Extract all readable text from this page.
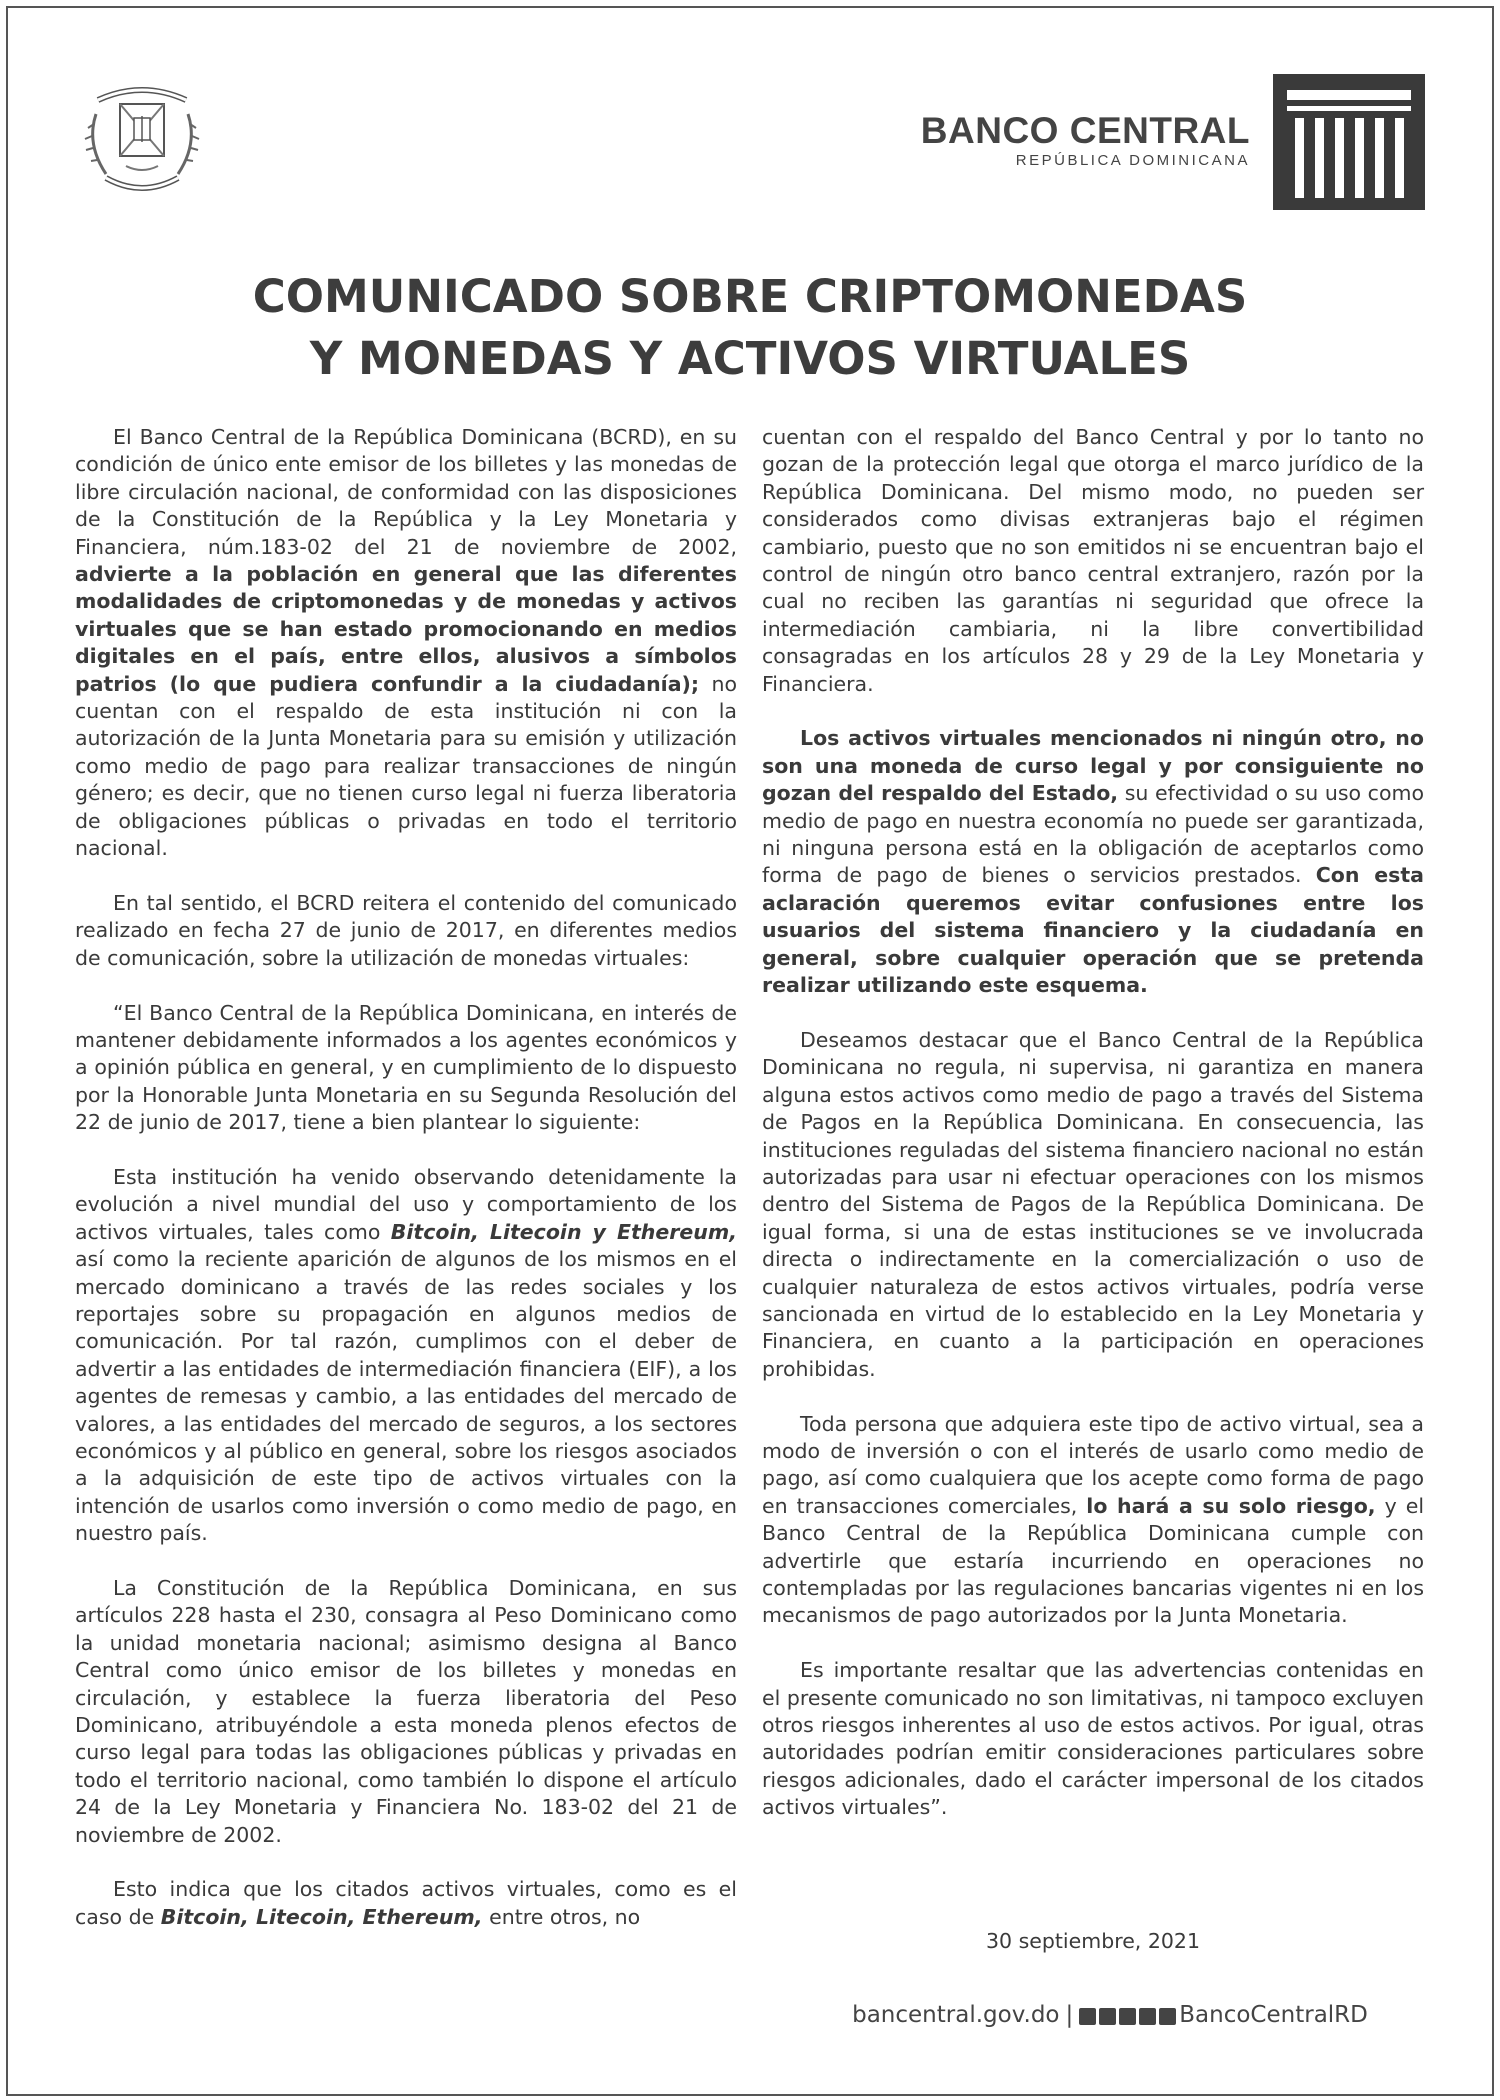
BANCO CENTRAL
REPÚBLICA DOMINICANA
COMUNICADO SOBRE CRIPTOMONEDAS
Y MONEDAS Y ACTIVOS VIRTUALES

El Banco Central de la República Dominicana (BCRD), en su condición de único ente emisor de los billetes y las monedas de libre circulación nacional, de conformidad con las disposiciones de la Constitución de la República y la Ley Monetaria y Financiera, núm.183-02 del 21 de noviembre de 2002, advierte a la población en general que las diferentes modalidades de criptomonedas y de monedas y activos virtuales que se han estado promocionando en medios digitales en el país, entre ellos, alusivos a símbolos patrios (lo que pudiera confundir a la ciudadanía); no cuentan con el respaldo de esta institución ni con la autorización de la Junta Monetaria para su emisión y utilización como medio de pago para realizar transacciones de ningún género; es decir, que no tienen curso legal ni fuerza liberatoria de obligaciones públicas o privadas en todo el territorio nacional.

En tal sentido, el BCRD reitera el contenido del comunicado realizado en fecha 27 de junio de 2017, en diferentes medios de comunicación, sobre la utilización de monedas virtuales:

“El Banco Central de la República Dominicana, en interés de mantener debidamente informados a los agentes económicos y a opinión pública en general, y en cumplimiento de lo dispuesto por la Honorable Junta Monetaria en su Segunda Resolución del 22 de junio de 2017, tiene a bien plantear lo siguiente:

Esta institución ha venido observando detenidamente la evolución a nivel mundial del uso y comportamiento de los activos virtuales, tales como Bitcoin, Litecoin y Ethereum, así como la reciente aparición de algunos de los mismos en el mercado dominicano a través de las redes sociales y los reportajes sobre su propagación en algunos medios de comunicación. Por tal razón, cumplimos con el deber de advertir a las entidades de intermediación financiera (EIF), a los agentes de remesas y cambio, a las entidades del mercado de valores, a las entidades del mercado de seguros, a los sectores económicos y al público en general, sobre los riesgos asociados a la adquisición de este tipo de activos virtuales con la intención de usarlos como inversión o como medio de pago, en nuestro país.

La Constitución de la República Dominicana, en sus artículos 228 hasta el 230, consagra al Peso Dominicano como la unidad monetaria nacional; asimismo designa al Banco Central como único emisor de los billetes y monedas en circulación, y establece la fuerza liberatoria del Peso Dominicano, atribuyéndole a esta moneda plenos efectos de curso legal para todas las obligaciones públicas y privadas en todo el territorio nacional, como también lo dispone el artículo 24 de la Ley Monetaria y Financiera No. 183-02 del 21 de noviembre de 2002.

Esto indica que los citados activos virtuales, como es el caso de Bitcoin, Litecoin, Ethereum, entre otros, no

cuentan con el respaldo del Banco Central y por lo tanto no gozan de la protección legal que otorga el marco jurídico de la República Dominicana. Del mismo modo, no pueden ser considerados como divisas extranjeras bajo el régimen cambiario, puesto que no son emitidos ni se encuentran bajo el control de ningún otro banco central extranjero, razón por la cual no reciben las garantías ni seguridad que ofrece la intermediación cambiaria, ni la libre convertibilidad consagradas en los artículos 28 y 29 de la Ley Monetaria y Financiera.

Los activos virtuales mencionados ni ningún otro, no son una moneda de curso legal y por consiguiente no gozan del respaldo del Estado, su efectividad o su uso como medio de pago en nuestra economía no puede ser garantizada, ni ninguna persona está en la obligación de aceptarlos como forma de pago de bienes o servicios prestados. Con esta aclaración queremos evitar confusiones entre los usuarios del sistema financiero y la ciudadanía en general, sobre cualquier operación que se pretenda realizar utilizando este esquema.

Deseamos destacar que el Banco Central de la República Dominicana no regula, ni supervisa, ni garantiza en manera alguna estos activos como medio de pago a través del Sistema de Pagos en la República Dominicana. En consecuencia, las instituciones reguladas del sistema financiero nacional no están autorizadas para usar ni efectuar operaciones con los mismos dentro del Sistema de Pagos de la República Dominicana. De igual forma, si una de estas instituciones se ve involucrada directa o indirectamente en la comercialización o uso de cualquier naturaleza de estos activos virtuales, podría verse sancionada en virtud de lo establecido en la Ley Monetaria y Financiera, en cuanto a la participación en operaciones prohibidas.

Toda persona que adquiera este tipo de activo virtual, sea a modo de inversión o con el interés de usarlo como medio de pago, así como cualquiera que los acepte como forma de pago en transacciones comerciales, lo hará a su solo riesgo, y el Banco Central de la República Dominicana cumple con advertirle que estaría incurriendo en operaciones no contempladas por las regulaciones bancarias vigentes ni en los mecanismos de pago autorizados por la Junta Monetaria.

Es importante resaltar que las advertencias contenidas en el presente comunicado no son limitativas, ni tampoco excluyen otros riesgos inherentes al uso de estos activos. Por igual, otras autoridades podrían emitir consideraciones particulares sobre riesgos adicionales, dado el carácter impersonal de los citados activos virtuales”.

30 septiembre, 2021
bancentral.gov.do |	BancoCentralRD
